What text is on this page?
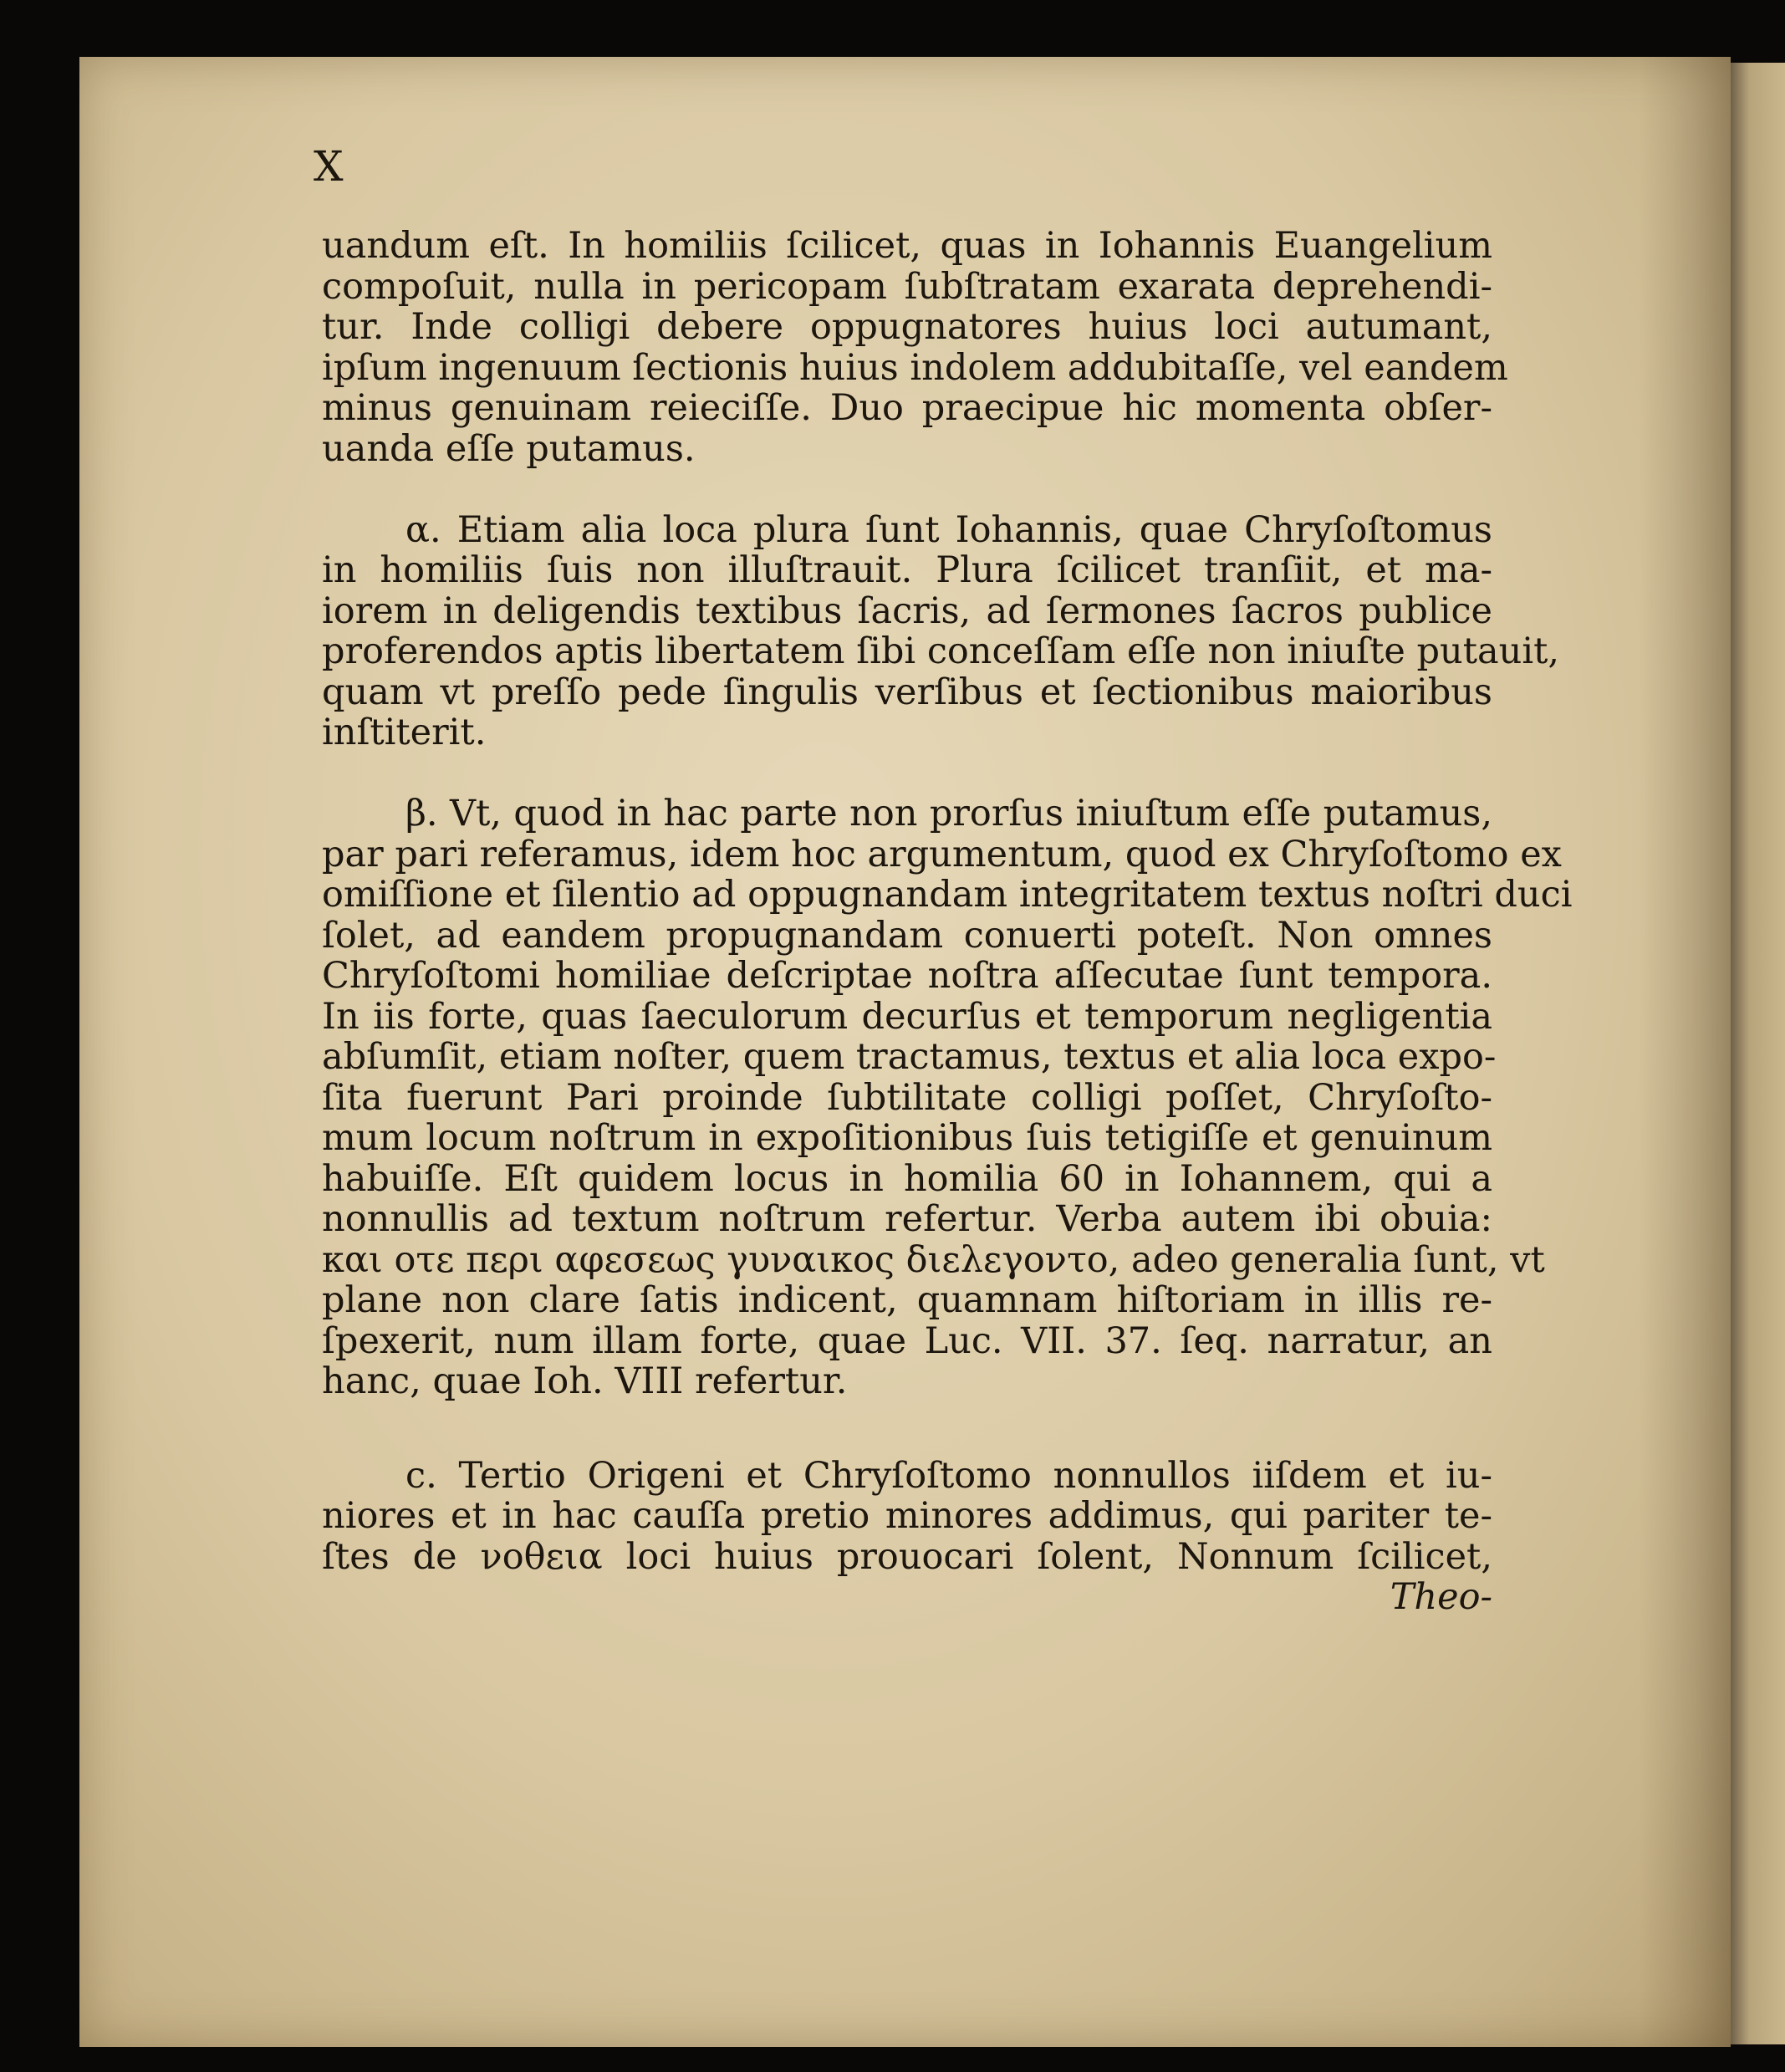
X
uandum eſt. In homiliis ſcilicet, quas in Iohannis Euangelium
compoſuit, nulla in pericopam ſubſtratam exarata deprehendi-
tur. Inde colligi debere oppugnatores huius loci autumant,
ipſum ingenuum ſectionis huius indolem addubitaſſe, vel eandem
minus genuinam reieciſſe. Duo praecipue hic momenta obſer-
uanda eſſe putamus.
α. Etiam alia loca plura ſunt Iohannis, quae Chryſoſtomus
in homiliis ſuis non illuſtrauit. Plura ſcilicet tranſiit, et ma-
iorem in deligendis textibus ſacris, ad ſermones ſacros publice
proferendos aptis libertatem ſibi conceſſam eſſe non iniuſte putauit,
quam vt preſſo pede ſingulis verſibus et ſectionibus maioribus
inſtiterit.
β. Vt, quod in hac parte non prorſus iniuſtum eſſe putamus,
par pari referamus, idem hoc argumentum, quod ex Chryſoſtomo ex
omiſſione et ſilentio ad oppugnandam integritatem textus noſtri duci
ſolet, ad eandem propugnandam conuerti poteſt. Non omnes
Chryſoſtomi homiliae deſcriptae noſtra aſſecutae ſunt tempora.
In iis forte, quas ſaeculorum decurſus et temporum negligentia
abſumſit, etiam noſter, quem tractamus, textus et alia loca expo-
ſita fuerunt Pari proinde ſubtilitate colligi poſſet, Chryſoſto-
mum locum noſtrum in expoſitionibus ſuis tetigiſſe et genuinum
habuiſſe. Eſt quidem locus in homilia 60 in Iohannem, qui a
nonnullis ad textum noſtrum refertur. Verba autem ibi obuia:
και οτε περι αφεσεως γυναικος διελεγοντο, adeo generalia ſunt, vt
plane non clare ſatis indicent, quamnam hiſtoriam in illis re-
ſpexerit, num illam forte, quae Luc. VII. 37. ſeq. narratur, an
hanc, quae Ioh. VIII refertur.
c. Tertio Origeni et Chryſoſtomo nonnullos iiſdem et iu-
niores et in hac cauſſa pretio minores addimus, qui pariter te-
ſtes de νοθεια loci huius prouocari ſolent, Nonnum ſcilicet,
Theo-
